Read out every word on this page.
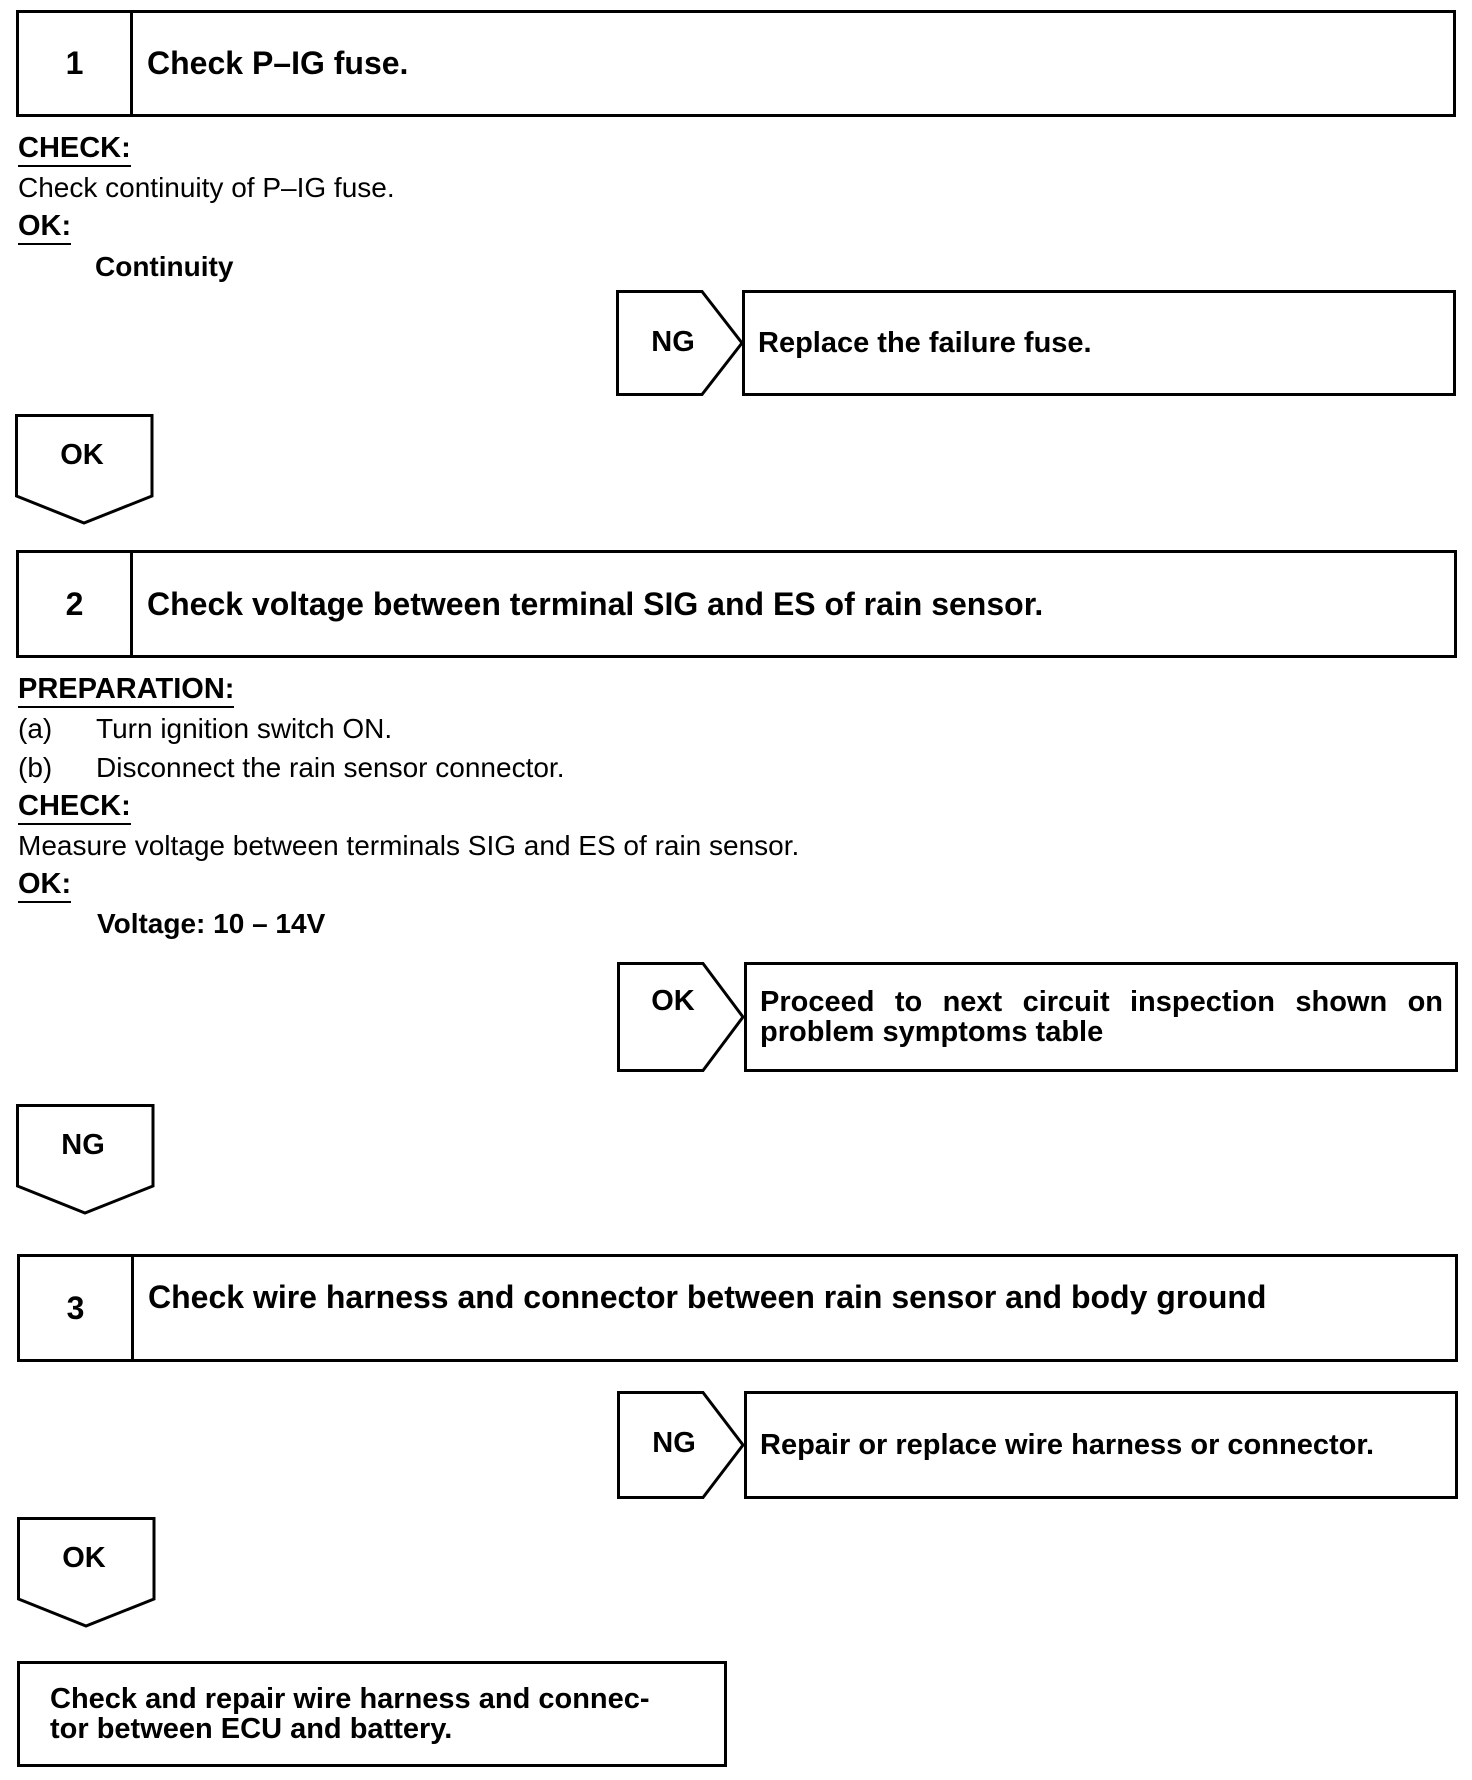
1	Check P–IG fuse.
CHECK:
Check continuity of P–IG fuse.
OK:
Continuity
NG	Replace the failure fuse.
OK
2	Check voltage between terminal SIG and ES of rain sensor.
PREPARATION:
(a) Turn ignition switch ON.
(b) Disconnect the rain sensor connector.
CHECK:
Measure voltage between terminals SIG and ES of rain sensor.
OK:
Voltage: 10 – 14V
OK	Proceed to next circuit inspection shown on
problem symptoms table
NG
3	Check wire harness and connector between rain sensor and body ground
NG	Repair or replace wire harness or connector.
OK
Check and repair wire harness and connec-
tor between ECU and battery.
